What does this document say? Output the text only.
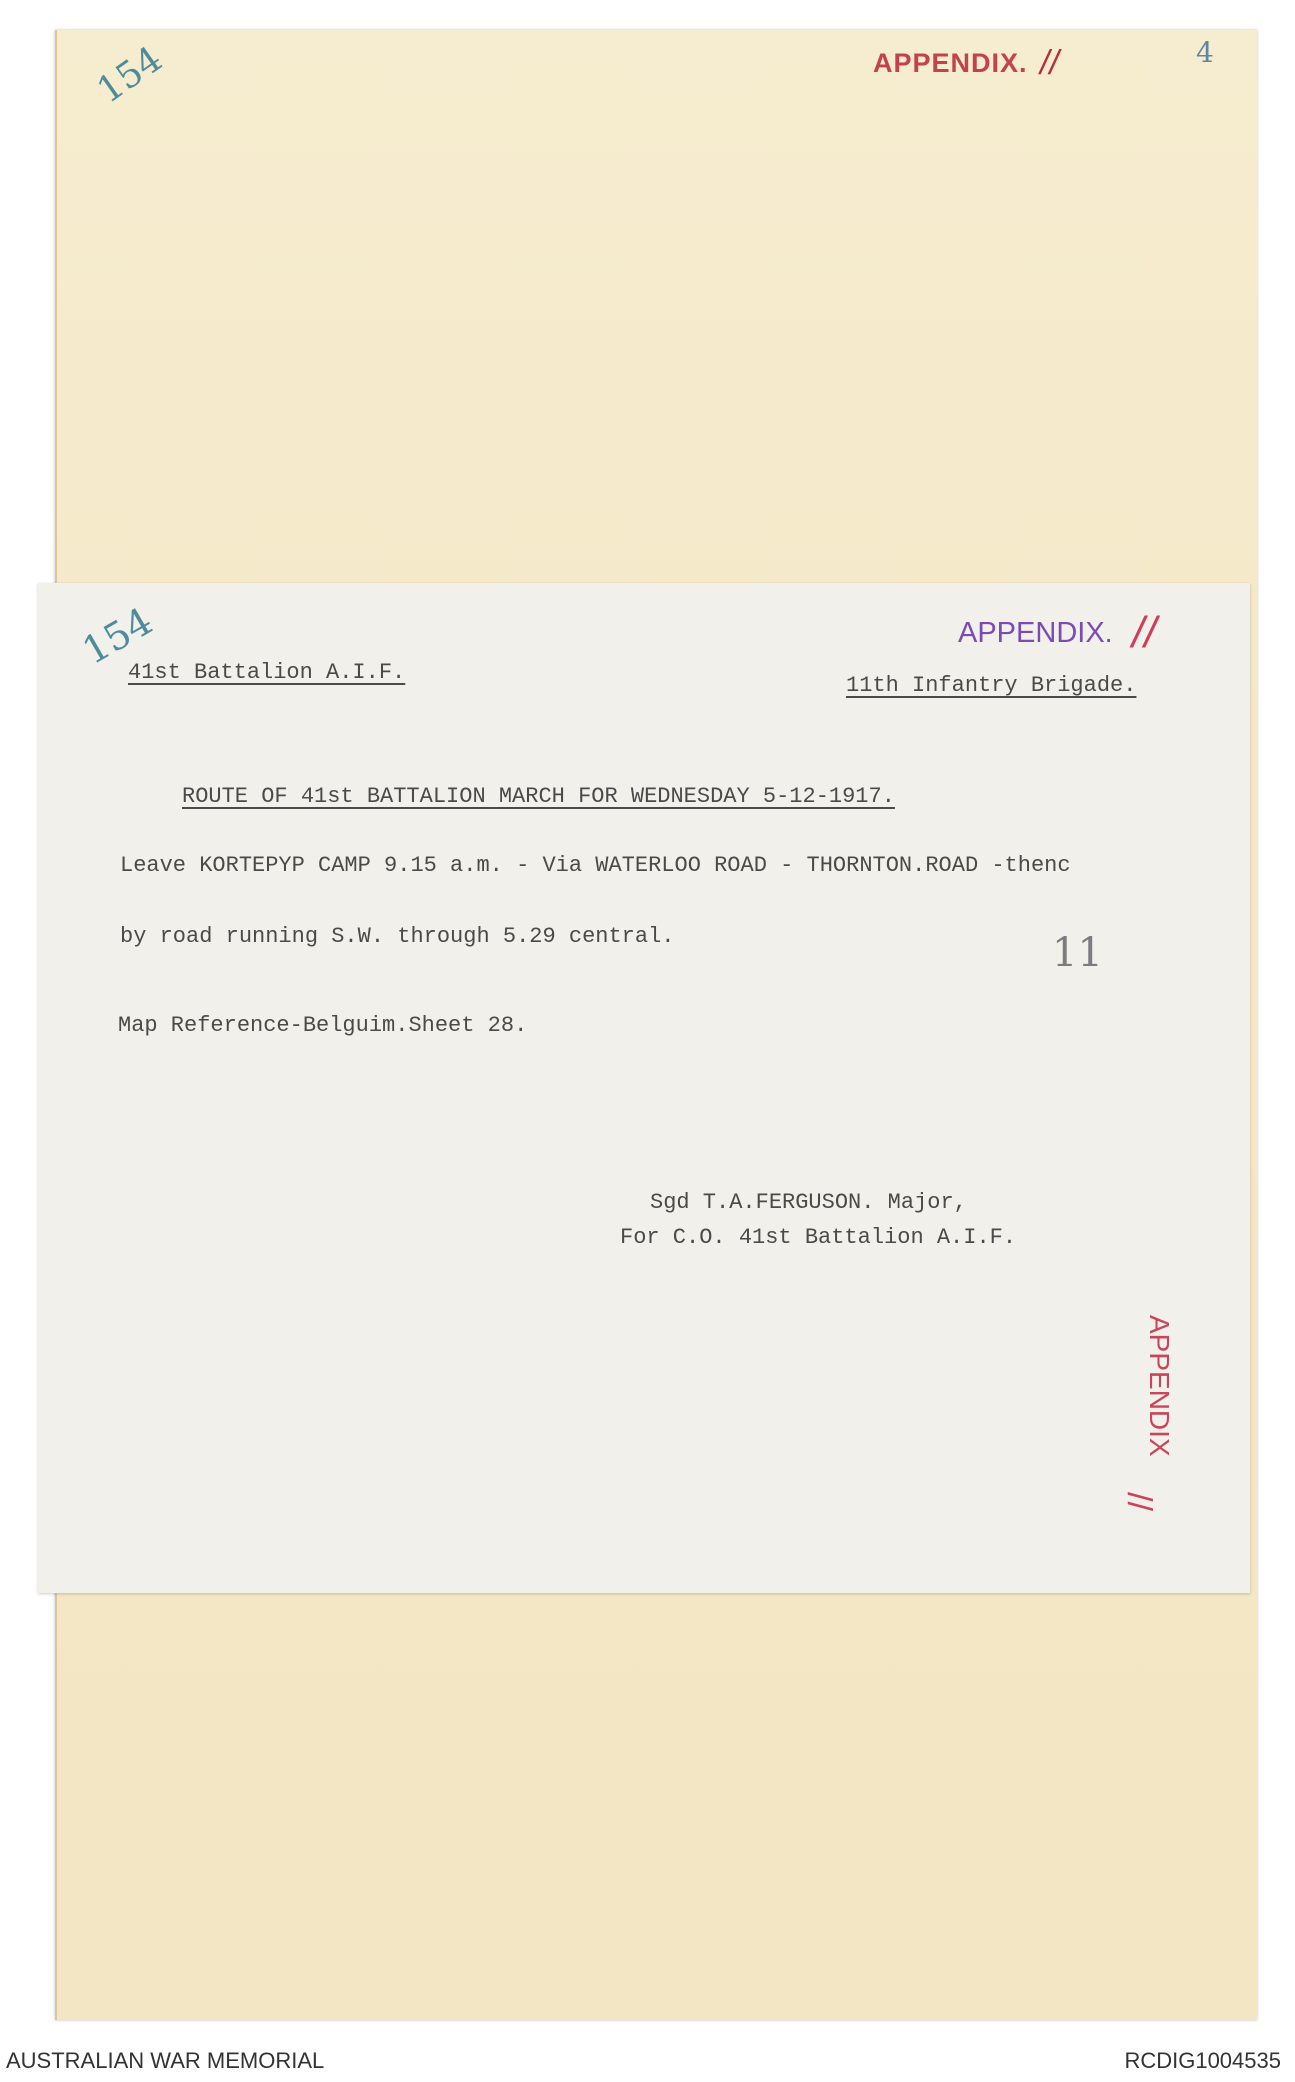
APPENDIX. //	4
154
154	APPENDIX. //
APPENDIX
//
41st Battalion A.I.F.
11th Infantry Brigade.
ROUTE OF 41st BATTALION MARCH FOR WEDNESDAY 5-12-1917.
Leave KORTEPYP CAMP 9.15 a.m. - Via WATERLOO ROAD - THORNTON.ROAD -thenc
by road running S.W. through 5.29 central.
Map Reference-Belguim.Sheet 28.
Sgd T.A.FERGUSON. Major,
For C.O. 41st Battalion A.I.F.
11
AUSTRALIAN WAR MEMORIAL	RCDIG1004535
